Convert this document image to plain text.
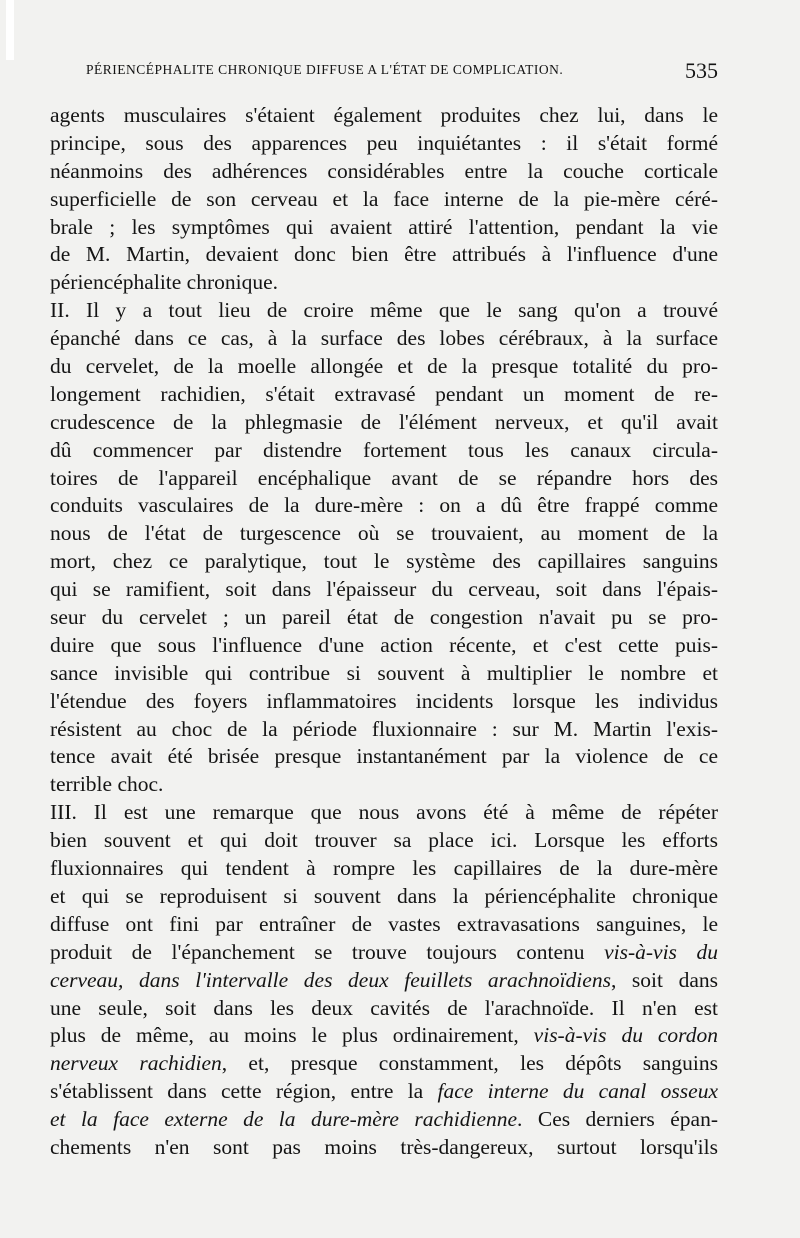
PÉRIENCÉPHALITE CHRONIQUE DIFFUSE A L'ÉTAT DE COMPLICATION.	535
agents musculaires s'étaient également produites chez lui, dans le
principe, sous des apparences peu inquiétantes : il s'était formé
néanmoins des adhérences considérables entre la couche corticale
superficielle de son cerveau et la face interne de la pie-mère céré-
brale ; les symptômes qui avaient attiré l'attention, pendant la vie
de M. Martin, devaient donc bien être attribués à l'influence d'une
périencéphalite chronique.
II. Il y a tout lieu de croire même que le sang qu'on a trouvé
épanché dans ce cas, à la surface des lobes cérébraux, à la surface
du cervelet, de la moelle allongée et de la presque totalité du pro-
longement rachidien, s'était extravasé pendant un moment de re-
crudescence de la phlegmasie de l'élément nerveux, et qu'il avait
dû commencer par distendre fortement tous les canaux circula-
toires de l'appareil encéphalique avant de se répandre hors des
conduits vasculaires de la dure-mère : on a dû être frappé comme
nous de l'état de turgescence où se trouvaient, au moment de la
mort, chez ce paralytique, tout le système des capillaires sanguins
qui se ramifient, soit dans l'épaisseur du cerveau, soit dans l'épais-
seur du cervelet ; un pareil état de congestion n'avait pu se pro-
duire que sous l'influence d'une action récente, et c'est cette puis-
sance invisible qui contribue si souvent à multiplier le nombre et
l'étendue des foyers inflammatoires incidents lorsque les individus
résistent au choc de la période fluxionnaire : sur M. Martin l'exis-
tence avait été brisée presque instantanément par la violence de ce
terrible choc.
III. Il est une remarque que nous avons été à même de répéter
bien souvent et qui doit trouver sa place ici. Lorsque les efforts
fluxionnaires qui tendent à rompre les capillaires de la dure-mère
et qui se reproduisent si souvent dans la périencéphalite chronique
diffuse ont fini par entraîner de vastes extravasations sanguines, le
produit de l'épanchement se trouve toujours contenu vis-à-vis du
cerveau, dans l'intervalle des deux feuillets arachnoïdiens, soit dans
une seule, soit dans les deux cavités de l'arachnoïde. Il n'en est
plus de même, au moins le plus ordinairement, vis-à-vis du cordon
nerveux rachidien, et, presque constamment, les dépôts sanguins
s'établissent dans cette région, entre la face interne du canal osseux
et la face externe de la dure-mère rachidienne. Ces derniers épan-
chements n'en sont pas moins très-dangereux, surtout lorsqu'ils
